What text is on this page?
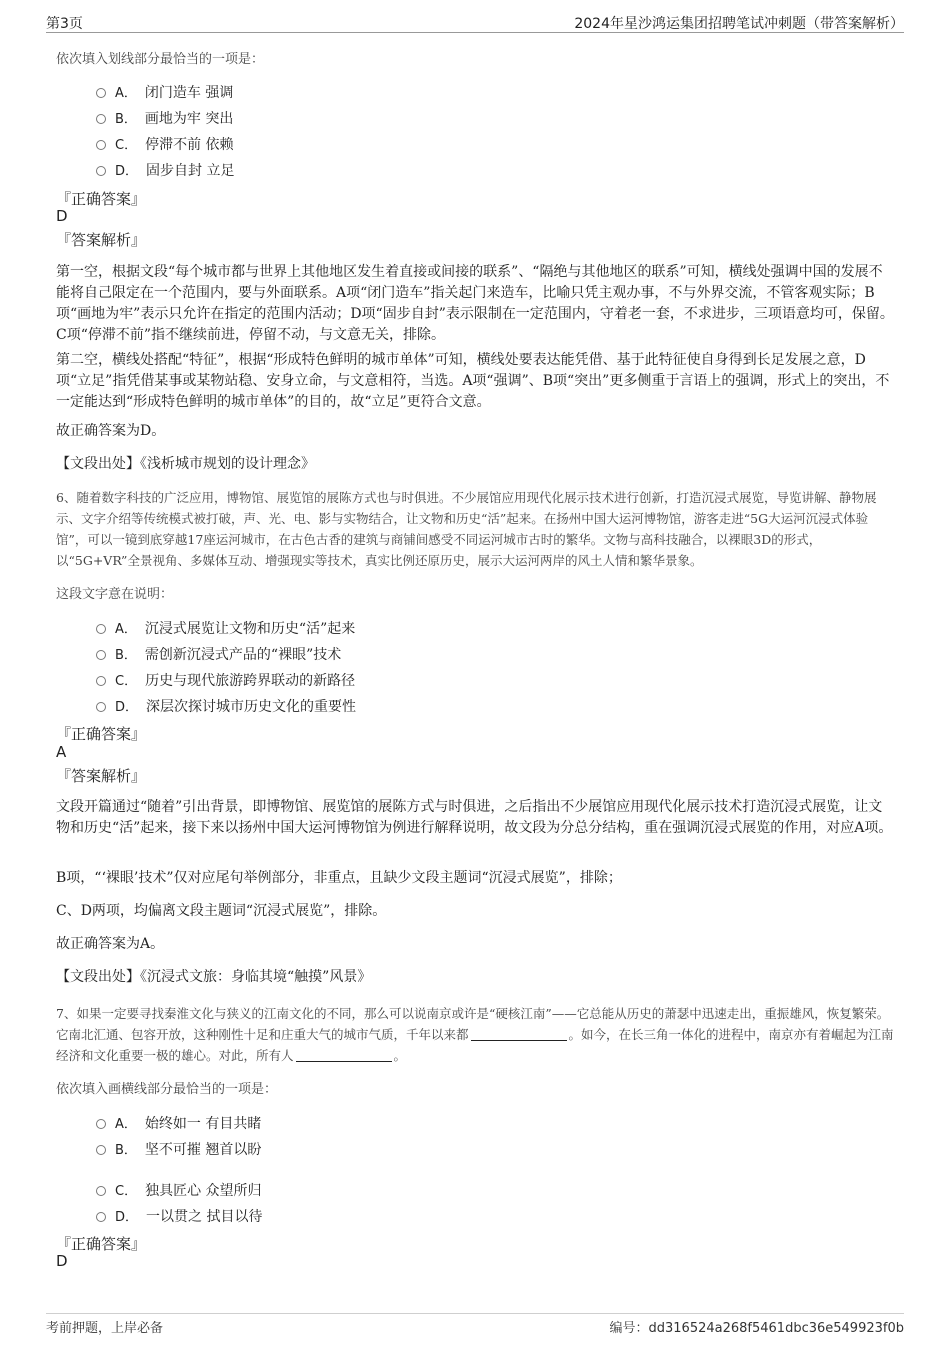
第3页	2024年星沙鸿运集团招聘笔试冲刺题（带答案解析）
依次填入划线部分最恰当的一项是：
A． 闭门造车 强调
B． 画地为牢 突出
C． 停滞不前 依赖
D． 固步自封 立足
『正确答案』
D
『答案解析』
第一空，根据文段“每个城市都与世界上其他地区发生着直接或间接的联系”、“隔绝与其他地区的联系”可知，横线处强调中国的发展不能将自己限定在一个范围内，要与外面联系。A项“闭门造车”指关起门来造车，比喻只凭主观办事，不与外界交流，不管客观实际；B项“画地为牢”表示只允许在指定的范围内活动；D项“固步自封”表示限制在一定范围内，守着老一套，不求进步，三项语意均可，保留。C项“停滞不前”指不继续前进，停留不动，与文意无关，排除。
第二空，横线处搭配“特征”，根据“形成特色鲜明的城市单体”可知，横线处要表达能凭借、基于此特征使自身得到长足发展之意，D项“立足”指凭借某事或某物站稳、安身立命，与文意相符，当选。A项“强调”、B项“突出”更多侧重于言语上的强调，形式上的突出，不一定能达到“形成特色鲜明的城市单体”的目的，故“立足”更符合文意。
故正确答案为D。
【文段出处】《浅析城市规划的设计理念》
6、随着数字科技的广泛应用，博物馆、展览馆的展陈方式也与时俱进。不少展馆应用现代化展示技术进行创新，打造沉浸式展览，导览讲解、静物展示、文字介绍等传统模式被打破，声、光、电、影与实物结合，让文物和历史“活”起来。在扬州中国大运河博物馆，游客走进“5G大运河沉浸式体验馆”，可以一镜到底穿越17座运河城市，在古色古香的建筑与商铺间感受不同运河城市古时的繁华。文物与高科技融合，以裸眼3D的形式，以“5G+VR”全景视角、多媒体互动、增强现实等技术，真实比例还原历史，展示大运河两岸的风土人情和繁华景象。
这段文字意在说明：
A． 沉浸式展览让文物和历史“活”起来
B． 需创新沉浸式产品的“裸眼”技术
C． 历史与现代旅游跨界联动的新路径
D． 深层次探讨城市历史文化的重要性
『正确答案』
A
『答案解析』
文段开篇通过“随着”引出背景，即博物馆、展览馆的展陈方式与时俱进，之后指出不少展馆应用现代化展示技术打造沉浸式展览，让文物和历史“活”起来，接下来以扬州中国大运河博物馆为例进行解释说明，故文段为分总分结构，重在强调沉浸式展览的作用，对应A项。
B项，“‘裸眼’技术”仅对应尾句举例部分，非重点，且缺少文段主题词“沉浸式展览”，排除；
C、D两项，均偏离文段主题词“沉浸式展览”，排除。
故正确答案为A。
【文段出处】《沉浸式文旅：身临其境“触摸”风景》
7、如果一定要寻找秦淮文化与狭义的江南文化的不同，那么可以说南京或许是“硬核江南”——它总能从历史的萧瑟中迅速走出，重振雄风，恢复繁荣。它南北汇通、包容开放，这种刚性十足和庄重大气的城市气质，千年以来都	。如今，在长三角一体化的进程中，南京亦有着崛起为江南经济和文化重要一极的雄心。对此，所有人	。
依次填入画横线部分最恰当的一项是：
A． 始终如一 有目共睹
B． 坚不可摧 翘首以盼
C． 独具匠心 众望所归
D． 一以贯之 拭目以待
『正确答案』
D
考前押题，上岸必备	编号：dd316524a268f5461dbc36e549923f0b
